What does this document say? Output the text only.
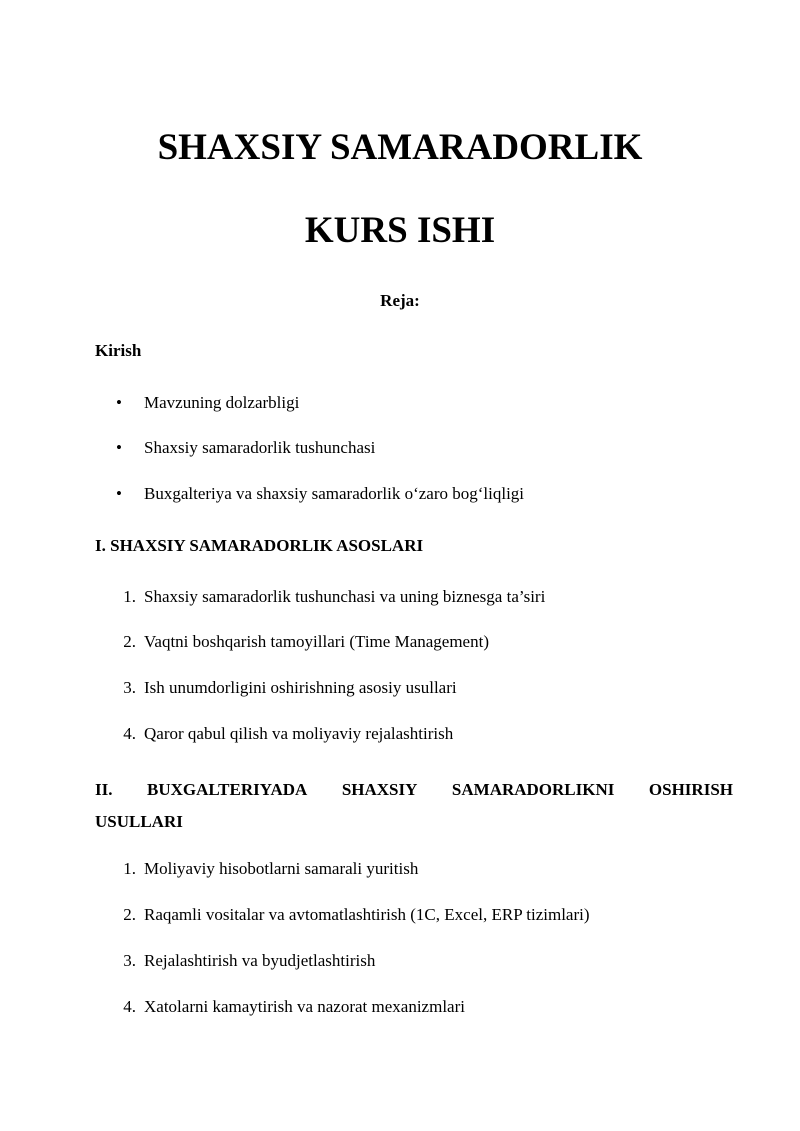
SHAXSIY SAMARADORLIK
KURS ISHI

Reja:

Kirish

• Mavzuning dolzarbligi
• Shaxsiy samaradorlik tushunchasi
• Buxgalteriya va shaxsiy samaradorlik o‘zaro bog‘liqligi

I. SHAXSIY SAMARADORLIK ASOSLARI

1. Shaxsiy samaradorlik tushunchasi va uning biznesga ta’siri
2. Vaqtni boshqarish tamoyillari (Time Management)
3. Ish unumdorligini oshirishning asosiy usullari
4. Qaror qabul qilish va moliyaviy rejalashtirish
II. BUXGALTERIYADA SHAXSIY SAMARADORLIKNI OSHIRISH
USULLARI
1. Moliyaviy hisobotlarni samarali yuritish
2. Raqamli vositalar va avtomatlashtirish (1C, Excel, ERP tizimlari)
3. Rejalashtirish va byudjetlashtirish
4. Xatolarni kamaytirish va nazorat mexanizmlari
